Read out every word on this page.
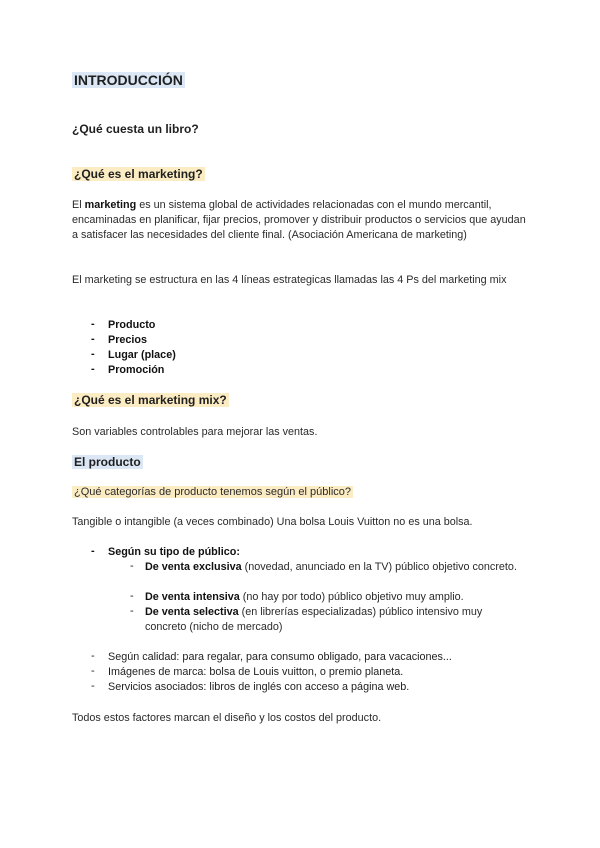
INTRODUCCIÓN
¿Qué cuesta un libro?
¿Qué es el marketing?
El marketing es un sistema global de actividades relacionadas con el mundo mercantil, encaminadas en planificar, fijar precios, promover y distribuir productos o servicios que ayudan a satisfacer las necesidades del cliente final. (Asociación Americana de marketing)
El marketing se estructura en las 4 líneas estrategicas llamadas las 4 Ps del marketing mix
- Producto
- Precios
- Lugar (place)
- Promoción
¿Qué es el marketing mix?
Son variables controlables para mejorar las ventas.
El producto
¿Qué categorías de producto tenemos según el público?
Tangible o intangible (a veces combinado) Una bolsa Louis Vuitton no es una bolsa.
- Según su tipo de público:
- De venta exclusiva (novedad, anunciado en la TV) público objetivo concreto.
- De venta intensiva (no hay por todo) público objetivo muy amplio.
- De venta selectiva (en librerías especializadas) público intensivo muy concreto (nicho de mercado)
- Según calidad: para regalar, para consumo obligado, para vacaciones...
- Imágenes de marca: bolsa de Louis vuitton, o premio planeta.
- Servicios asociados: libros de inglés con acceso a página web.
Todos estos factores marcan el diseño y los costos del producto.
